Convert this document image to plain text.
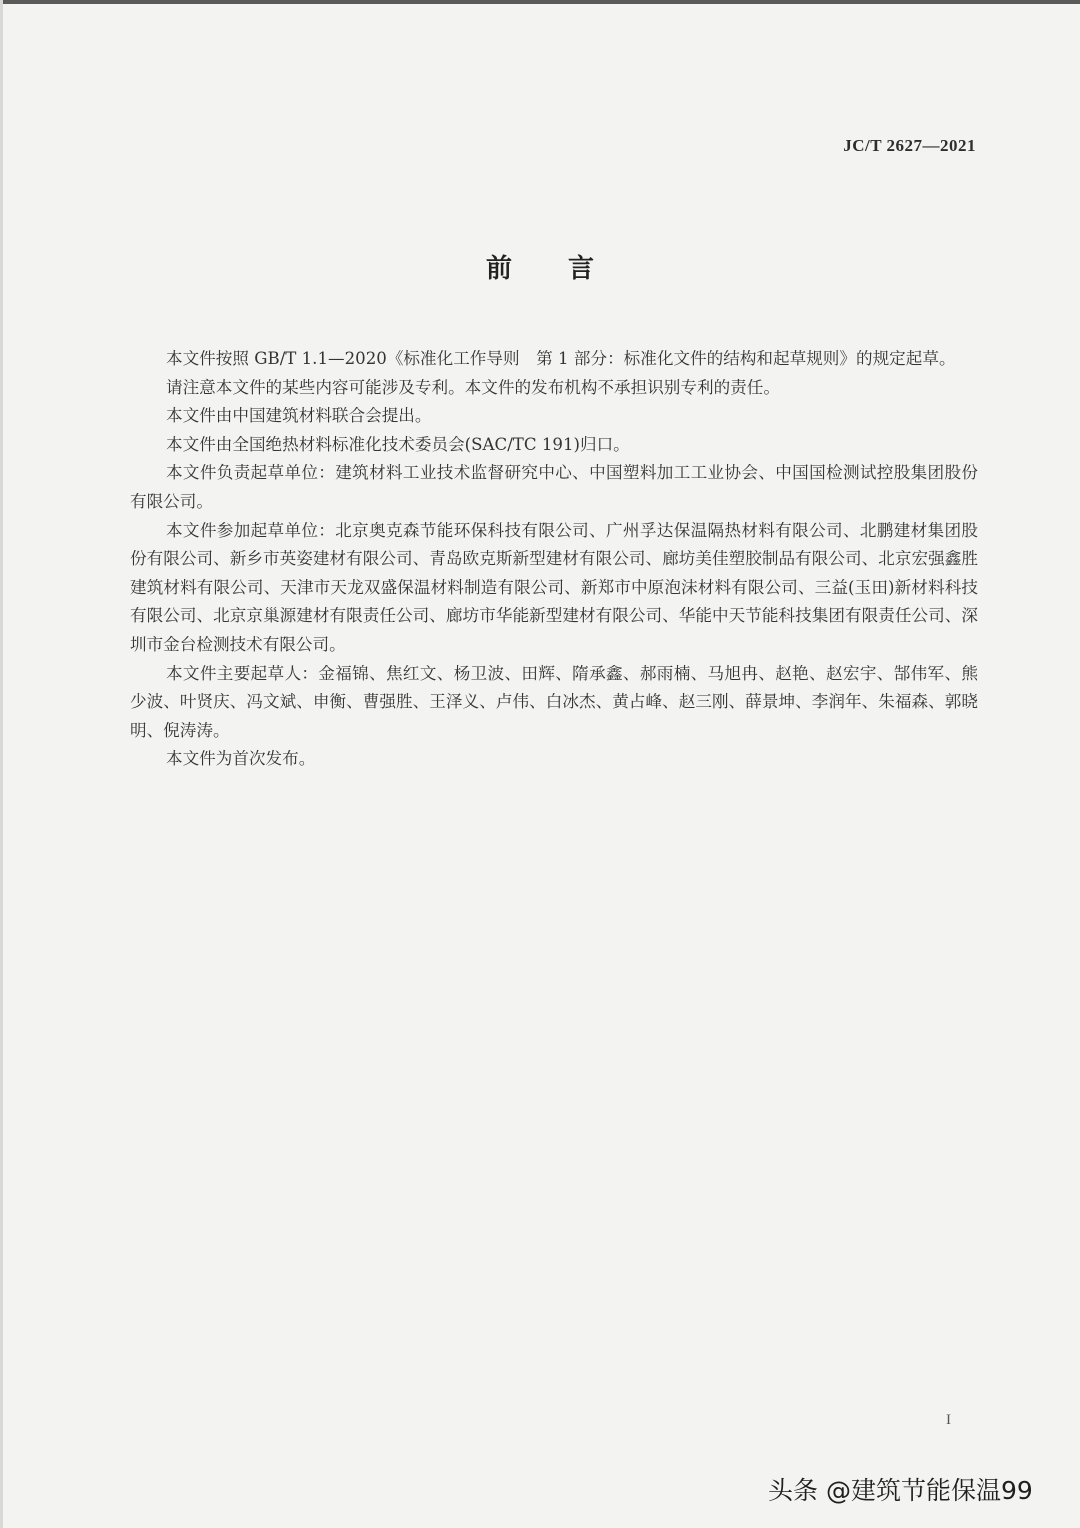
JC/T 2627—2021
前言

本文件按照 GB/T 1.1—2020《标准化工作导则　第 1 部分：标准化文件的结构和起草规则》的规定起草。

请注意本文件的某些内容可能涉及专利。本文件的发布机构不承担识别专利的责任。

本文件由中国建筑材料联合会提出。

本文件由全国绝热材料标准化技术委员会(SAC/TC 191)归口。

本文件负责起草单位：建筑材料工业技术监督研究中心、中国塑料加工工业协会、中国国检测试控股集团股份有限公司。

本文件参加起草单位：北京奥克森节能环保科技有限公司、广州孚达保温隔热材料有限公司、北鹏建材集团股份有限公司、新乡市英姿建材有限公司、青岛欧克斯新型建材有限公司、廊坊美佳塑胶制品有限公司、北京宏强鑫胜建筑材料有限公司、天津市天龙双盛保温材料制造有限公司、新郑市中原泡沫材料有限公司、三益(玉田)新材料科技有限公司、北京京巢源建材有限责任公司、廊坊市华能新型建材有限公司、华能中天节能科技集团有限责任公司、深圳市金台检测技术有限公司。

本文件主要起草人：金福锦、焦红文、杨卫波、田辉、隋承鑫、郝雨楠、马旭冉、赵艳、赵宏宇、郜伟军、熊少波、叶贤庆、冯文斌、申衡、曹强胜、王泽义、卢伟、白冰杰、黄占峰、赵三刚、薛景坤、李润年、朱福森、郭晓明、倪涛涛。

本文件为首次发布。

I
头条 @建筑节能保温99
